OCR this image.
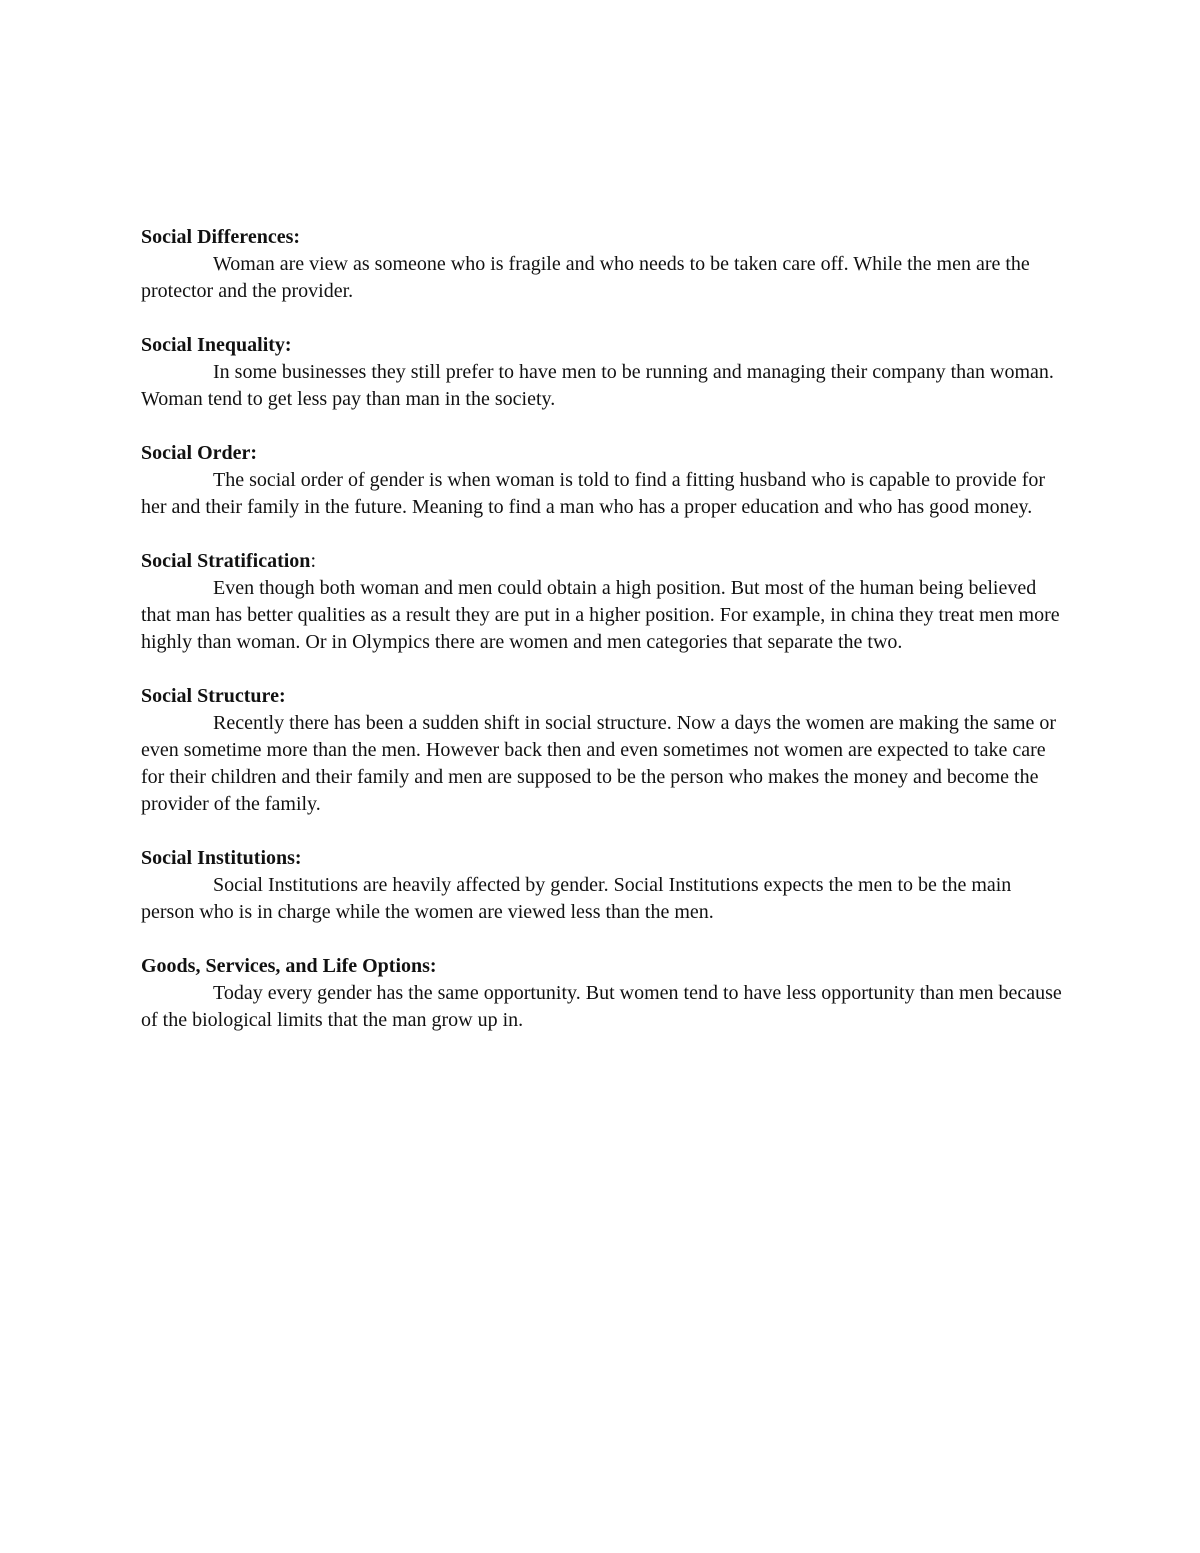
Social Differences:

Woman are view as someone who is fragile and who needs to be taken care off. While the men are the protector and the provider.

Social Inequality:

In some businesses they still prefer to have men to be running and managing their company than woman. Woman tend to get less pay than man in the society.

Social Order:

The social order of gender is when woman is told to find a fitting husband who is capable to provide for her and their family in the future. Meaning to find a man who has a proper education and who has good money.

Social Stratification:

Even though both woman and men could obtain a high position. But most of the human being believed that man has better qualities as a result they are put in a higher position. For example, in china they treat men more highly than woman. Or in Olympics there are women and men categories that separate the two.

Social Structure:

Recently there has been a sudden shift in social structure. Now a days the women are making the same or even sometime more than the men. However back then and even sometimes not women are expected to take care for their children and their family and men are supposed to be the person who makes the money and become the provider of the family.

Social Institutions:

Social Institutions are heavily affected by gender. Social Institutions expects the men to be the main person who is in charge while the women are viewed less than the men.

Goods, Services, and Life Options:

Today every gender has the same opportunity. But women tend to have less opportunity than men because of the biological limits that the man grow up in.
